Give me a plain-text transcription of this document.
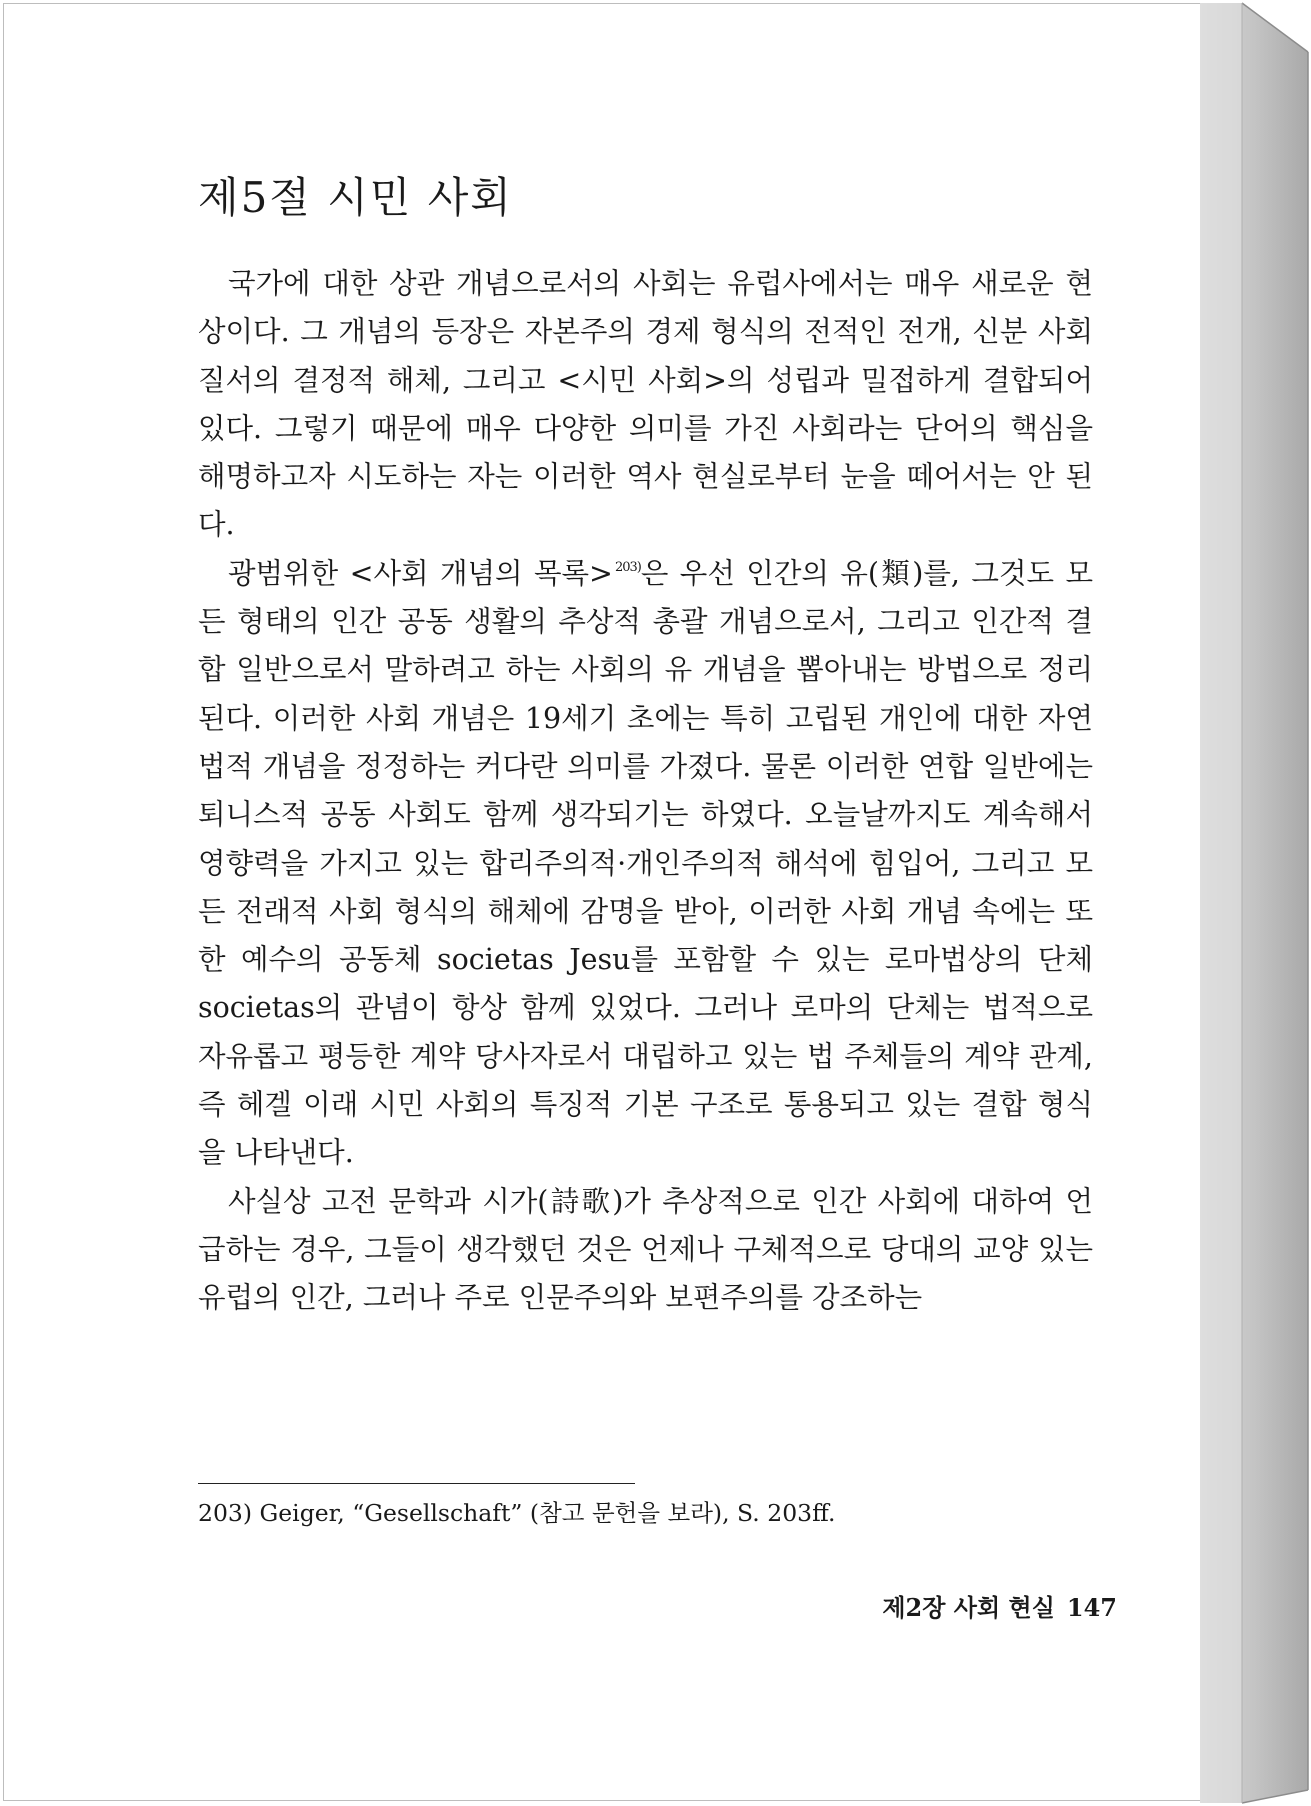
제5절 시민 사회

국가에 대한 상관 개념으로서의 사회는 유럽사에서는 매우 새로운 현상이다. 그 개념의 등장은 자본주의 경제 형식의 전적인 전개, 신분 사회 질서의 결정적 해체, 그리고 <시민 사회>의 성립과 밀접하게 결합되어 있다. 그렇기 때문에 매우 다양한 의미를 가진 사회라는 단어의 핵심을 해명하고자 시도하는 자는 이러한 역사 현실로부터 눈을 떼어서는 안 된다.

광범위한 <사회 개념의 목록> $^{203)}$은 우선 인간의 유(類)를, 그것도 모든 형태의 인간 공동 생활의 추상적 총괄 개념으로서, 그리고 인간적 결합 일반으로서 말하려고 하는 사회의 유 개념을 뽑아내는 방법으로 정리된다. 이러한 사회 개념은 19세기 초에는 특히 고립된 개인에 대한 자연법적 개념을 정정하는 커다란 의미를 가졌다. 물론 이러한 연합 일반에는 퇴니스적 공동 사회도 함께 생각되기는 하였다. 오늘날까지도 계속해서 영향력을 가지고 있는 합리주의적·개인주의적 해석에 힘입어, 그리고 모든 전래적 사회 형식의 해체에 감명을 받아, 이러한 사회 개념 속에는 또한 예수의 공동체 societas Jesu를 포함할 수 있는 로마법상의 단체 societas의 관념이 항상 함께 있었다. 그러나 로마의 단체는 법적으로 자유롭고 평등한 계약 당사자로서 대립하고 있는 법 주체들의 계약 관계, 즉 헤겔 이래 시민 사회의 특징적 기본 구조로 통용되고 있는 결합 형식을 나타낸다.

사실상 고전 문학과 시가(詩歌)가 추상적으로 인간 사회에 대하여 언급하는 경우, 그들이 생각했던 것은 언제나 구체적으로 당대의 교양 있는 유럽의 인간, 그러나 주로 인문주의와 보편주의를 강조하는

203) Geiger, “Gesellschaft” (참고 문헌을 보라), S. 203ff.
제2장 사회 현실 147
